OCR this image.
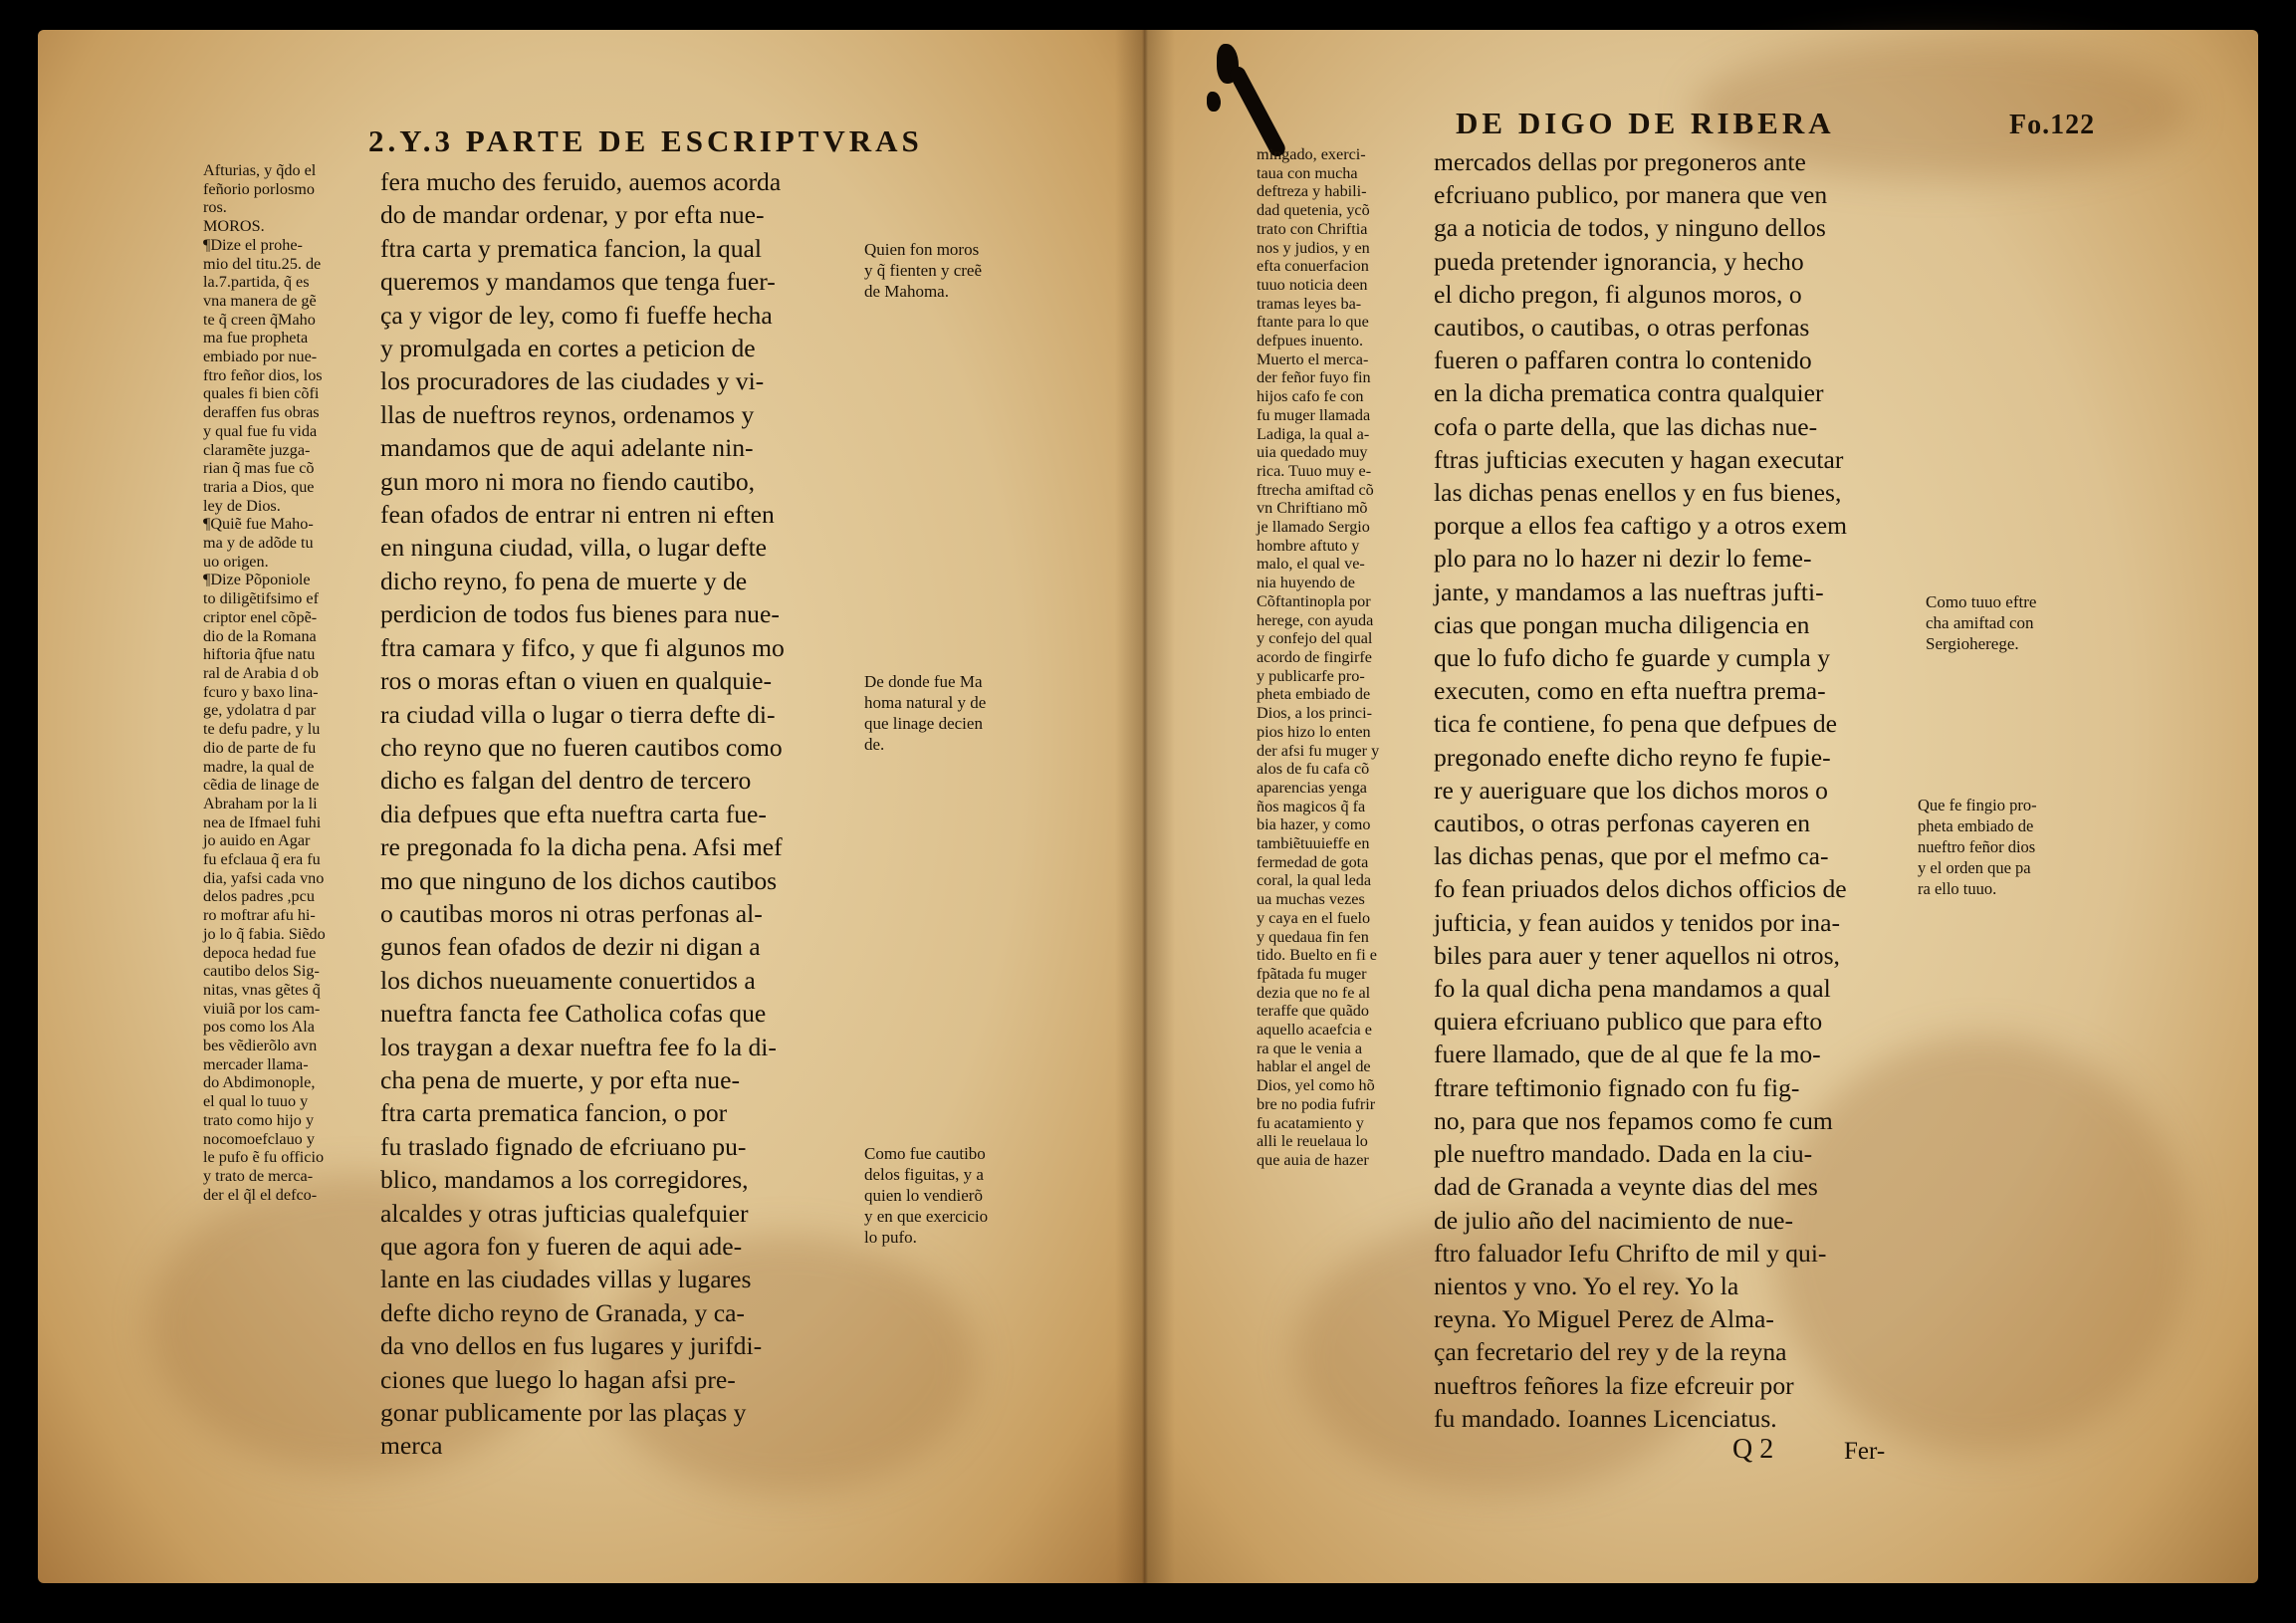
2.Y.3 PARTE DE ESCRIPTVRAS

Afturias, y q̃do el
feñorio porlosmo
ros.
MOROS.
¶Dize el prohe-
mio del titu.25. de
la.7.partida, q̃ es
vna manera de gẽ
te q̃ creen q̃Maho
ma fue propheta
embiado por nue-
ftro feñor dios, los
quales fi bien cõfi
deraffen fus obras
y qual fue fu vida
claramẽte juzga-
rian q̃ mas fue cõ
traria a Dios, que
ley de Dios.
¶Quiẽ fue Maho-
ma y de adõde tu
uo origen.
¶Dize Põponiole
to diligẽtifsimo ef
criptor enel cõpẽ-
dio de la Romana
hiftoria q̃fue natu
ral de Arabia d ob
fcuro y baxo lina-
ge, ydolatra d par
te defu padre, y lu
dio de parte de fu
madre, la qual de
cẽdia de linage de
Abraham por la li
nea de Ifmael fuhi
jo auido en Agar
fu efclaua q̃ era fu
dia, yafsi cada vno
delos padres ,pcu
ro moftrar afu hi-
jo lo q̃ fabia. Siẽdo
depoca hedad fue
cautibo delos Sig-
nitas, vnas gẽtes q̃
viuiã por los cam-
pos como los Ala
bes vẽdierõlo avn
mercader llama-
do Abdimonople,
el qual lo tuuo y
trato como hijo y
nocomoefclauo y
le pufo ẽ fu officio
y trato de merca-
der el q̃l el defco-

fera mucho des feruido, auemos acorda
do de mandar ordenar, y por efta nue-
ftra carta y prematica fancion, la qual
queremos y mandamos que tenga fuer-
ça y vigor de ley, como fi fueffe hecha
y promulgada en cortes a peticion de
los procuradores de las ciudades y vi-
llas de nueftros reynos, ordenamos y
mandamos que de aqui adelante nin-
gun moro ni mora no fiendo cautibo,
fean ofados de entrar ni entren ni eften
en ninguna ciudad, villa, o lugar defte
dicho reyno, fo pena de muerte y de
perdicion de todos fus bienes para nue-
ftra camara y fifco, y que fi algunos mo
ros o moras eftan o viuen en qualquie-
ra ciudad villa o lugar o tierra defte di-
cho reyno que no fueren cautibos como
dicho es falgan del dentro de tercero
dia defpues que efta nueftra carta fue-
re pregonada fo la dicha pena. Afsi mef
mo que ninguno de los dichos cautibos
o cautibas moros ni otras perfonas al-
gunos fean ofados de dezir ni digan a
los dichos nueuamente conuertidos a
nueftra fancta fee Catholica cofas que
los traygan a dexar nueftra fee fo la di-
cha pena de muerte, y por efta nue-
ftra carta prematica fancion, o por
fu traslado fignado de efcriuano pu-
blico, mandamos a los corregidores,
alcaldes y otras jufticias qualefquier
que agora fon y fueren de aqui ade-
lante en las ciudades villas y lugares
defte dicho reyno de Granada, y ca-
da vno dellos en fus lugares y jurifdi-
ciones que luego lo hagan afsi pre-
gonar publicamente por las plaças y
merca

Quien fon moros
y q̃ fienten y creẽ
de Mahoma.

De donde fue Ma
homa natural y de
que linage decien
de.

Como fue cautibo
delos figuitas, y a
quien lo vendierõ
y en que exercicio
lo pufo.

DE DIGO DE RIBERA	Fo.122

mingado, exerci-
taua con mucha
deftreza y habili-
dad quetenia, ycõ
trato con Chriftia
nos y judios, y en
efta conuerfacion
tuuo noticia deen
tramas leyes ba-
ftante para lo que
defpues inuento.
Muerto el merca-
der feñor fuyo fin
hijos cafo fe con
fu muger llamada
Ladiga, la qual a-
uia quedado muy
rica. Tuuo muy e-
ftrecha amiftad cõ
vn Chriftiano mõ
je llamado Sergio
hombre aftuto y
malo, el qual ve-
nia huyendo de
Cõftantinopla por
herege, con ayuda
y confejo del qual
acordo de fingirfe
y publicarfe pro-
pheta embiado de
Dios, a los princi-
pios hizo lo enten
der afsi fu muger y
alos de fu cafa cõ
aparencias yenga
ños magicos q̃ fa
bia hazer, y como
tambiẽtuuieffe en
fermedad de gota
coral, la qual leda
ua muchas vezes
y caya en el fuelo
y quedaua fin fen
tido. Buelto en fi e
fpãtada fu muger
dezia que no fe al
teraffe que quãdo
aquello acaefcia e
ra que le venia a
hablar el angel de
Dios, yel como hõ
bre no podia fufrir
fu acatamiento y
alli le reuelaua lo
que auia de hazer

mercados dellas por pregoneros ante
efcriuano publico, por manera que ven
ga a noticia de todos, y ninguno dellos
pueda pretender ignorancia, y hecho
el dicho pregon, fi algunos moros, o
cautibos, o cautibas, o otras perfonas
fueren o paffaren contra lo contenido
en la dicha prematica contra qualquier
cofa o parte della, que las dichas nue-
ftras jufticias executen y hagan executar
las dichas penas enellos y en fus bienes,
porque a ellos fea caftigo y a otros exem
plo para no lo hazer ni dezir lo feme-
jante, y mandamos a las nueftras jufti-
cias que pongan mucha diligencia en
que lo fufo dicho fe guarde y cumpla y
executen, como en efta nueftra prema-
tica fe contiene, fo pena que defpues de
pregonado enefte dicho reyno fe fupie-
re y aueriguare que los dichos moros o
cautibos, o otras perfonas cayeren en
las dichas penas, que por el mefmo ca-
fo fean priuados delos dichos officios de
jufticia, y fean auidos y tenidos por ina-
biles para auer y tener aquellos ni otros,
fo la qual dicha pena mandamos a qual
quiera efcriuano publico que para efto
fuere llamado, que de al que fe la mo-
ftrare teftimonio fignado con fu fig-
no, para que nos fepamos como fe cum
ple nueftro mandado. Dada en la ciu-
dad de Granada a veynte dias del mes
de julio año del nacimiento de nue-
ftro faluador Iefu Chrifto de mil y qui-
nientos y vno. Yo el rey. Yo la
reyna. Yo Miguel Perez de Alma-
çan fecretario del rey y de la reyna
nueftros feñores la fize efcreuir por
fu mandado. Ioannes Licenciatus.

Q 2	Fer-

Como tuuo eftre
cha amiftad con
Sergioherege.

Que fe fingio pro-
pheta embiado de
nueftro feñor dios
y el orden que pa
ra ello tuuo.
